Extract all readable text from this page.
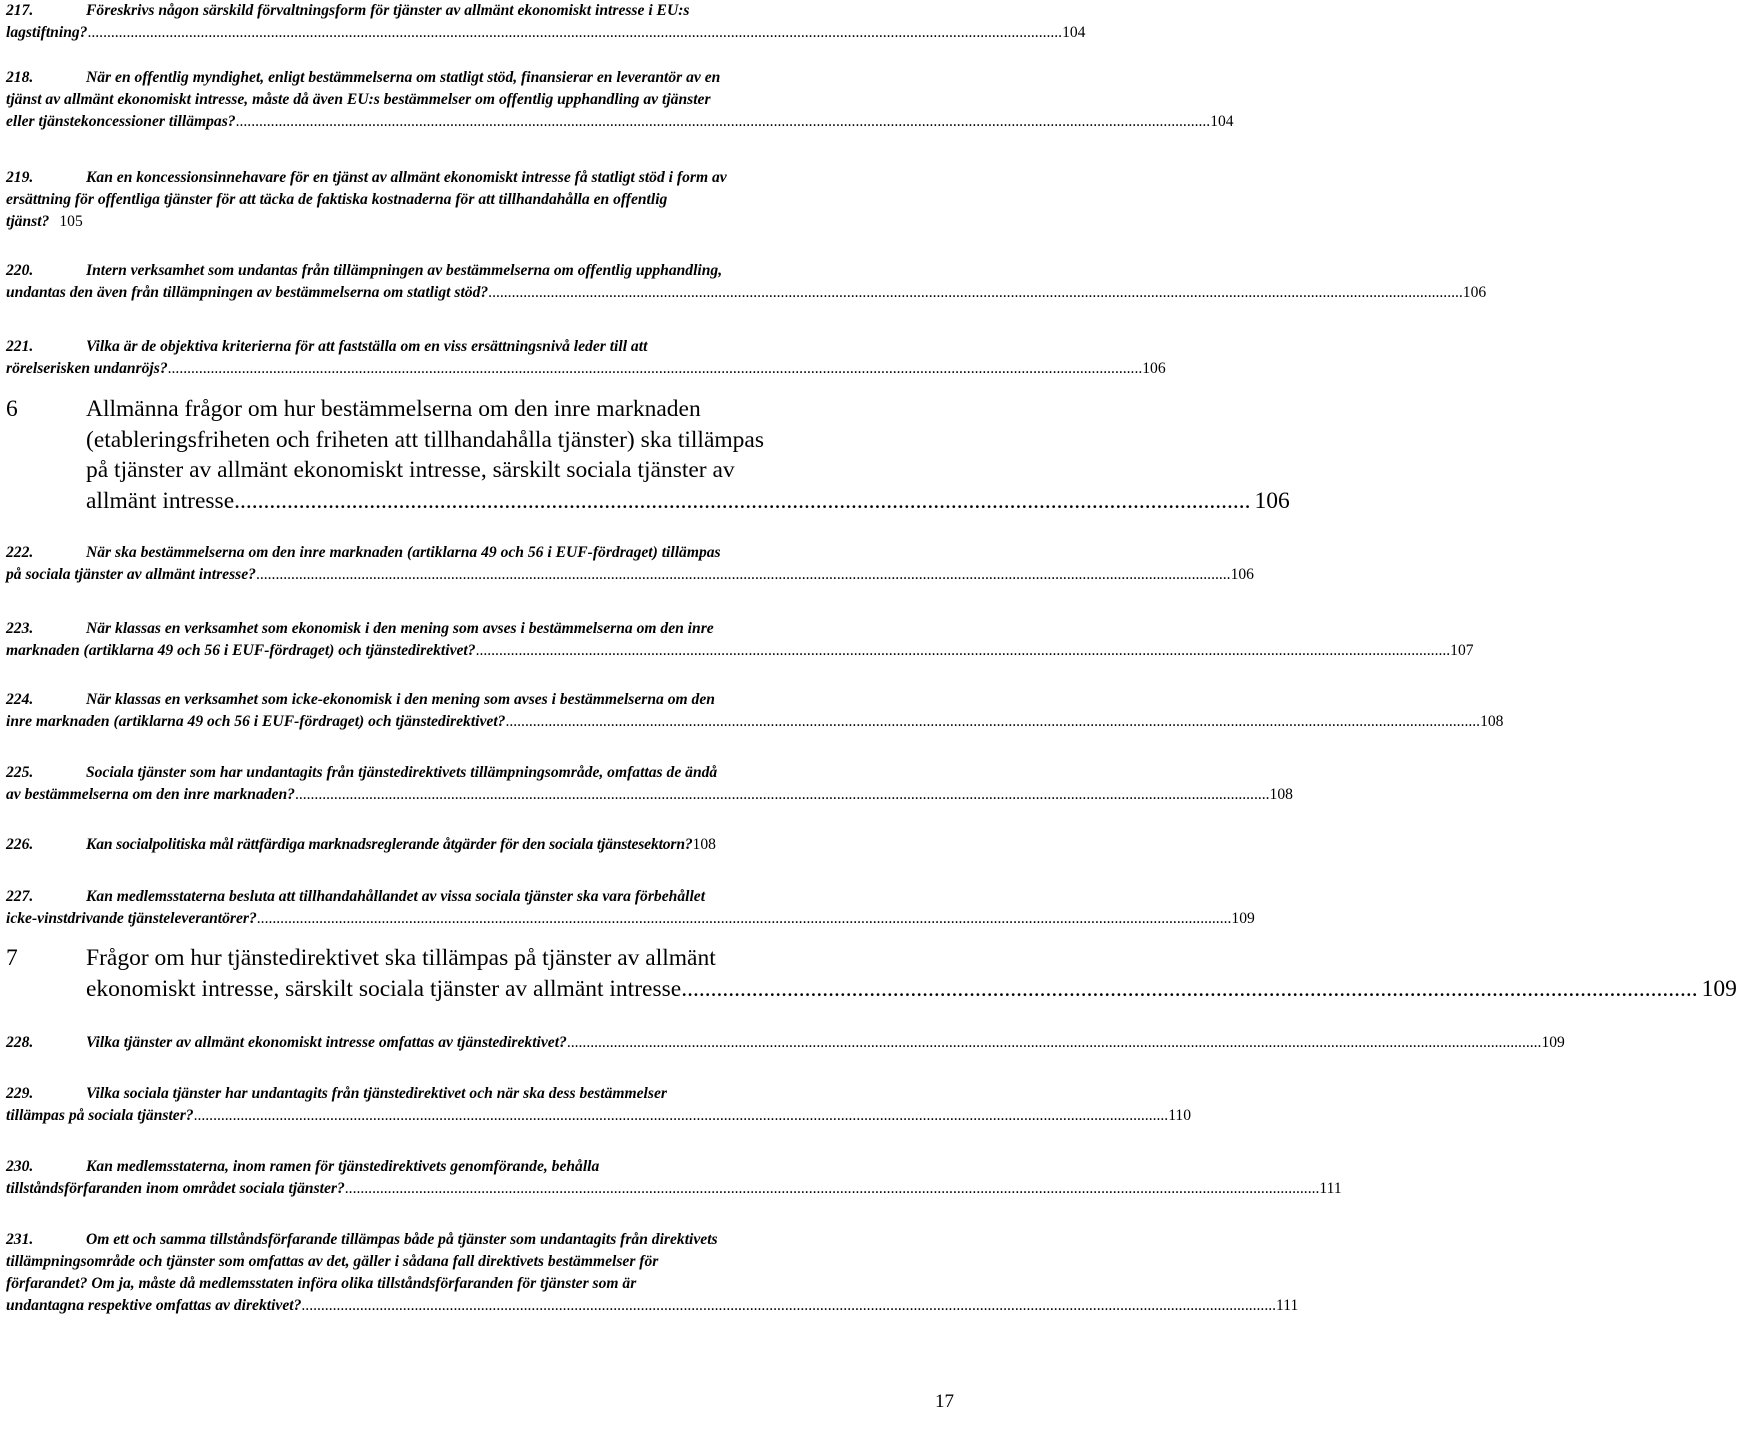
217.	Föreskrivs någon särskild förvaltningsform för tjänster av allmänt ekonomiskt intresse i EU:s
lagstiftning? .......................................................................................................................................................................................................................................................... 104
218.	När en offentlig myndighet, enligt bestämmelserna om statligt stöd, finansierar en leverantör av en
tjänst av allmänt ekonomiskt intresse, måste då även EU:s bestämmelser om offentlig upphandling av tjänster
eller tjänstekoncessioner tillämpas? .......................................................................................................................................................................................................................................................... 104
219.	Kan en koncessionsinnehavare för en tjänst av allmänt ekonomiskt intresse få statligt stöd i form av
ersättning för offentliga tjänster för att täcka de faktiska kostnaderna för att tillhandahålla en offentlig
tjänst? 105
220.	Intern verksamhet som undantas från tillämpningen av bestämmelserna om offentlig upphandling,
undantas den även från tillämpningen av bestämmelserna om statligt stöd? .......................................................................................................................................................................................................................................................... 106
221.	Vilka är de objektiva kriterierna för att fastställa om en viss ersättningsnivå leder till att
rörelserisken undanröjs? .......................................................................................................................................................................................................................................................... 106
6	Allmänna frågor om hur bestämmelserna om den inre marknaden
(etableringsfriheten och friheten att tillhandahålla tjänster) ska tillämpas
på tjänster av allmänt ekonomiskt intresse, särskilt sociala tjänster av
allmänt intresse ............................................................................................................................................................................. 106
222.	När ska bestämmelserna om den inre marknaden (artiklarna 49 och 56 i EUF-fördraget) tillämpas
på sociala tjänster av allmänt intresse? .......................................................................................................................................................................................................................................................... 106
223.	När klassas en verksamhet som ekonomisk i den mening som avses i bestämmelserna om den inre
marknaden (artiklarna 49 och 56 i EUF-fördraget) och tjänstedirektivet? .......................................................................................................................................................................................................................................................... 107
224.	När klassas en verksamhet som icke-ekonomisk i den mening som avses i bestämmelserna om den
inre marknaden (artiklarna 49 och 56 i EUF-fördraget) och tjänstedirektivet? .......................................................................................................................................................................................................................................................... 108
225.	Sociala tjänster som har undantagits från tjänstedirektivets tillämpningsområde, omfattas de ändå
av bestämmelserna om den inre marknaden? .......................................................................................................................................................................................................................................................... 108
226.	Kan socialpolitiska mål rättfärdiga marknadsreglerande åtgärder för den sociala tjänstesektorn?108
227.	Kan medlemsstaterna besluta att tillhandahållandet av vissa sociala tjänster ska vara förbehållet
icke-vinstdrivande tjänsteleverantörer? .......................................................................................................................................................................................................................................................... 109
7	Frågor om hur tjänstedirektivet ska tillämpas på tjänster av allmänt
ekonomiskt intresse, särskilt sociala tjänster av allmänt intresse ............................................................................................................................................................................. 109
228.	Vilka tjänster av allmänt ekonomiskt intresse omfattas av tjänstedirektivet? .......................................................................................................................................................................................................................................................... 109
229.	Vilka sociala tjänster har undantagits från tjänstedirektivet och när ska dess bestämmelser
tillämpas på sociala tjänster? .......................................................................................................................................................................................................................................................... 110
230.	Kan medlemsstaterna, inom ramen för tjänstedirektivets genomförande, behålla
tillståndsförfaranden inom området sociala tjänster? .......................................................................................................................................................................................................................................................... 111
231.	Om ett och samma tillståndsförfarande tillämpas både på tjänster som undantagits från direktivets
tillämpningsområde och tjänster som omfattas av det, gäller i sådana fall direktivets bestämmelser för
förfarandet? Om ja, måste då medlemsstaten införa olika tillståndsförfaranden för tjänster som är
undantagna respektive omfattas av direktivet? .......................................................................................................................................................................................................................................................... 111
17
